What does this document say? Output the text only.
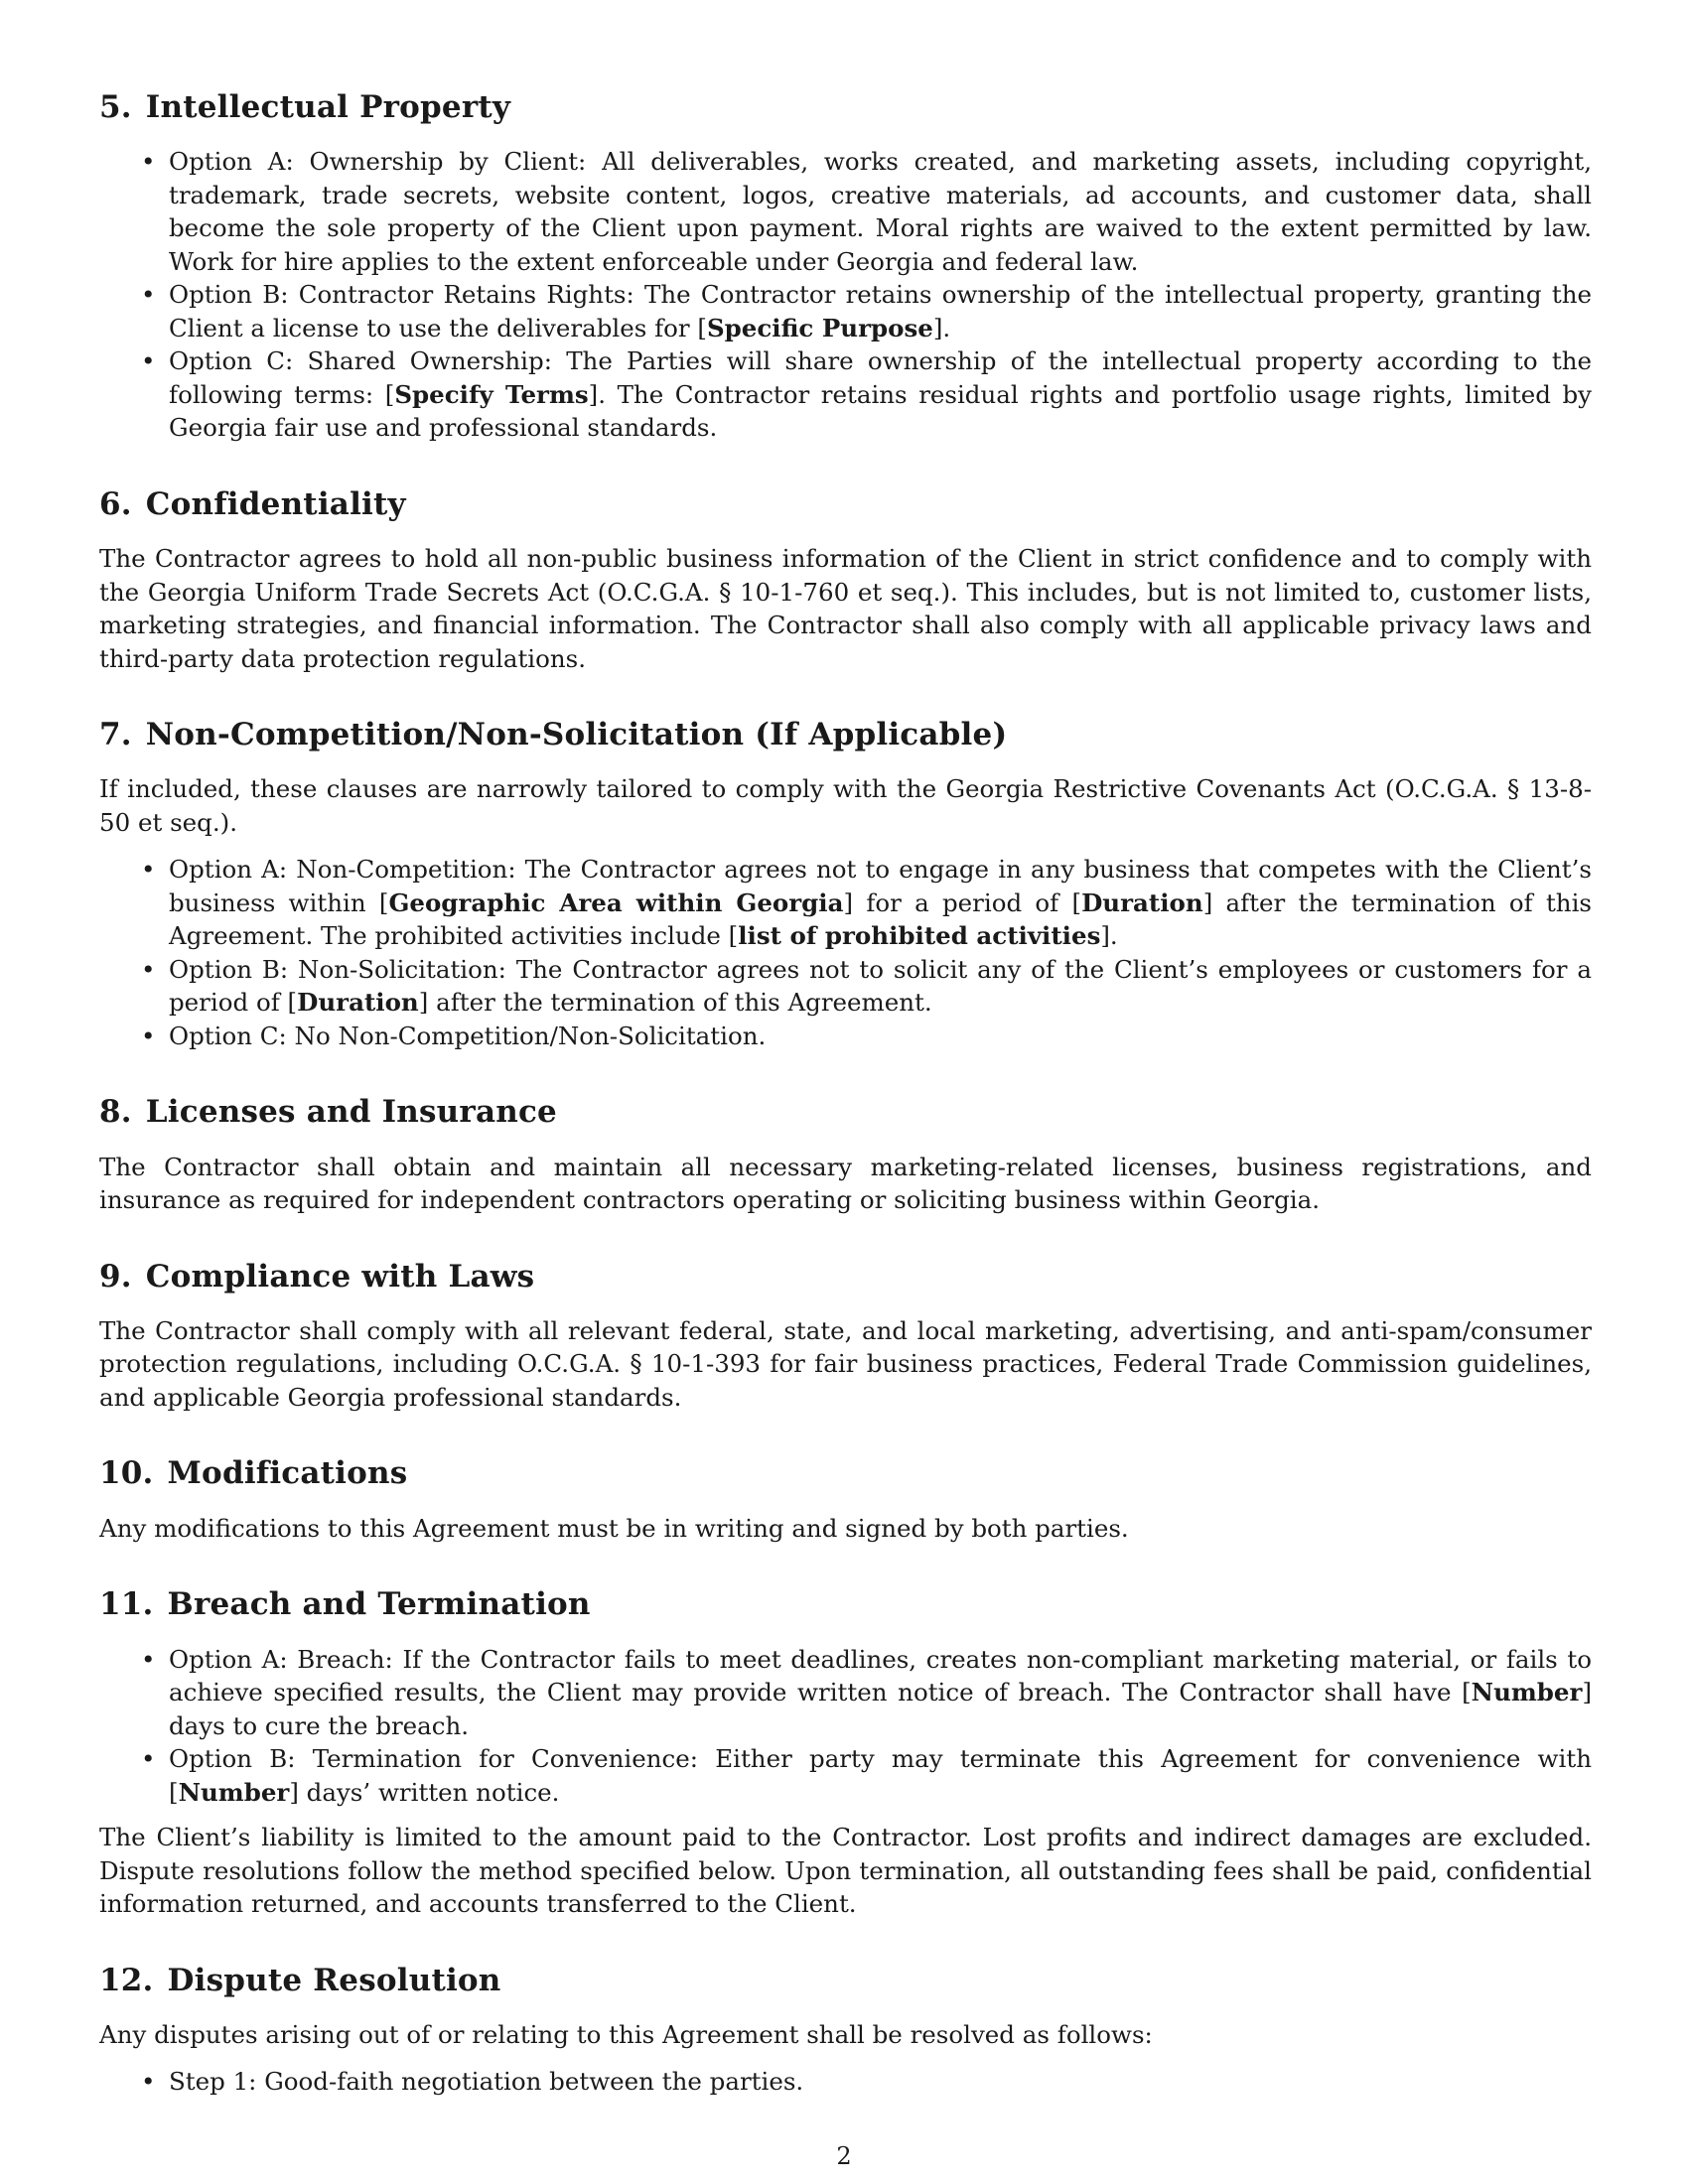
5. Intellectual Property
• Option A: Ownership by Client: All deliverables, works created, and marketing assets, including copyright, trademark, trade secrets, website content, logos, creative materials, ad accounts, and customer data, shall become the sole property of the Client upon payment. Moral rights are waived to the extent permitted by law. Work for hire applies to the extent enforceable under Georgia and federal law.
• Option B: Contractor Retains Rights: The Contractor retains ownership of the intellectual property, granting the Client a license to use the deliverables for [Specific Purpose].
• Option C: Shared Ownership: The Parties will share ownership of the intellectual property according to the following terms: [Specify Terms]. The Contractor retains residual rights and portfolio usage rights, limited by Georgia fair use and professional standards.
6. Confidentiality

The Contractor agrees to hold all non-public business information of the Client in strict confidence and to comply with the Georgia Uniform Trade Secrets Act (O.C.G.A. § 10-1-760 et seq.). This includes, but is not limited to, customer lists, marketing strategies, and financial information. The Contractor shall also comply with all applicable privacy laws and third-party data protection regulations.

7. Non-Competition/Non-Solicitation (If Applicable)

If included, these clauses are narrowly tailored to comply with the Georgia Restrictive Covenants Act (O.C.G.A. § 13-8-50 et seq.).

• Option A: Non-Competition: The Contractor agrees not to engage in any business that competes with the Client’s business within [Geographic Area within Georgia] for a period of [Duration] after the termination of this Agreement. The prohibited activities include [list of prohibited activities].
• Option B: Non-Solicitation: The Contractor agrees not to solicit any of the Client’s employees or customers for a period of [Duration] after the termination of this Agreement.
• Option C: No Non-Competition/Non-Solicitation.
8. Licenses and Insurance

The Contractor shall obtain and maintain all necessary marketing-related licenses, business registrations, and insurance as required for independent contractors operating or soliciting business within Georgia.

9. Compliance with Laws

The Contractor shall comply with all relevant federal, state, and local marketing, advertising, and anti-spam/consumer protection regulations, including O.C.G.A. § 10-1-393 for fair business practices, Federal Trade Commission guidelines, and applicable Georgia professional standards.

10. Modifications

Any modifications to this Agreement must be in writing and signed by both parties.

11. Breach and Termination
• Option A: Breach: If the Contractor fails to meet deadlines, creates non-compliant marketing material, or fails to achieve specified results, the Client may provide written notice of breach. The Contractor shall have [Number] days to cure the breach.
• Option B: Termination for Convenience: Either party may terminate this Agreement for convenience with [Number] days’ written notice.

The Client’s liability is limited to the amount paid to the Contractor. Lost profits and indirect damages are excluded. Dispute resolutions follow the method specified below. Upon termination, all outstanding fees shall be paid, confidential information returned, and accounts transferred to the Client.

12. Dispute Resolution

Any disputes arising out of or relating to this Agreement shall be resolved as follows:

• Step 1: Good-faith negotiation between the parties.
2
